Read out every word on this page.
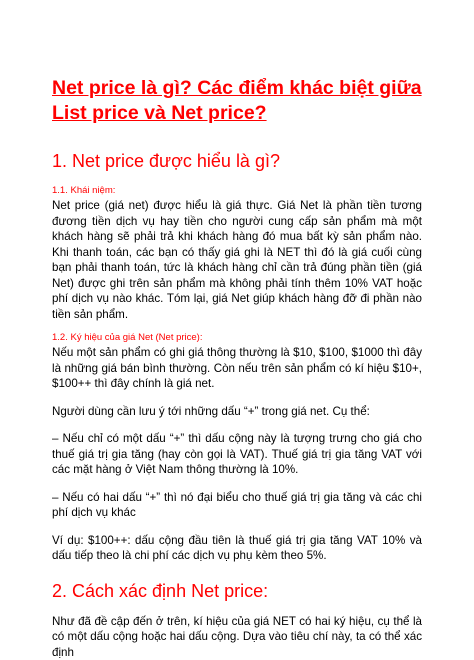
Net price là gì? Các điểm khác biệt giữa List price và Net price?
1. Net price được hiểu là gì?
1.1. Khái niệm:

Net price (giá net) được hiểu là giá thực. Giá Net là phần tiền tương đương tiền dịch vụ hay tiền cho người cung cấp sản phẩm mà một khách hàng sẽ phải trả khi khách hàng đó mua bất kỳ sản phẩm nào. Khi thanh toán, các bạn có thấy giá ghi là NET thì đó là giá cuối cùng bạn phải thanh toán, tức là khách hàng chỉ cần trả đúng phần tiền (giá Net) được ghi trên sản phẩm mà không phải tính thêm 10% VAT hoặc phí dịch vụ nào khác. Tóm lại, giá Net giúp khách hàng đỡ đi phần nào tiền sản phẩm.

1.2. Ký hiệu của giá Net (Net price):

Nếu một sản phẩm có ghi giá thông thường là $10, $100, $1000 thì đây là những giá bán bình thường. Còn nếu trên sản phẩm có kí hiệu $10+, $100++ thì đây chính là giá net.

Người dùng cần lưu ý tới những dấu “+” trong giá net. Cụ thể:

– Nếu chỉ có một dấu “+” thì dấu cộng này là tượng trưng cho giá cho thuế giá trị gia tăng (hay còn gọi là VAT). Thuế giá trị gia tăng VAT với các mặt hàng ở Việt Nam thông thường là 10%.

– Nếu có hai dấu “+” thì nó đại biểu cho thuế giá trị gia tăng và các chi phí dịch vụ khác

Ví dụ: $100++: dấu cộng đầu tiên là thuế giá trị gia tăng VAT 10% và dấu tiếp theo là chi phí các dịch vụ phụ kèm theo 5%.

2. Cách xác định Net price:

Như đã đề cập đến ở trên, kí hiệu của giá NET có hai ký hiệu, cụ thể là có một dấu cộng hoặc hai dấu cộng. Dựa vào tiêu chí này, ta có thể xác định
